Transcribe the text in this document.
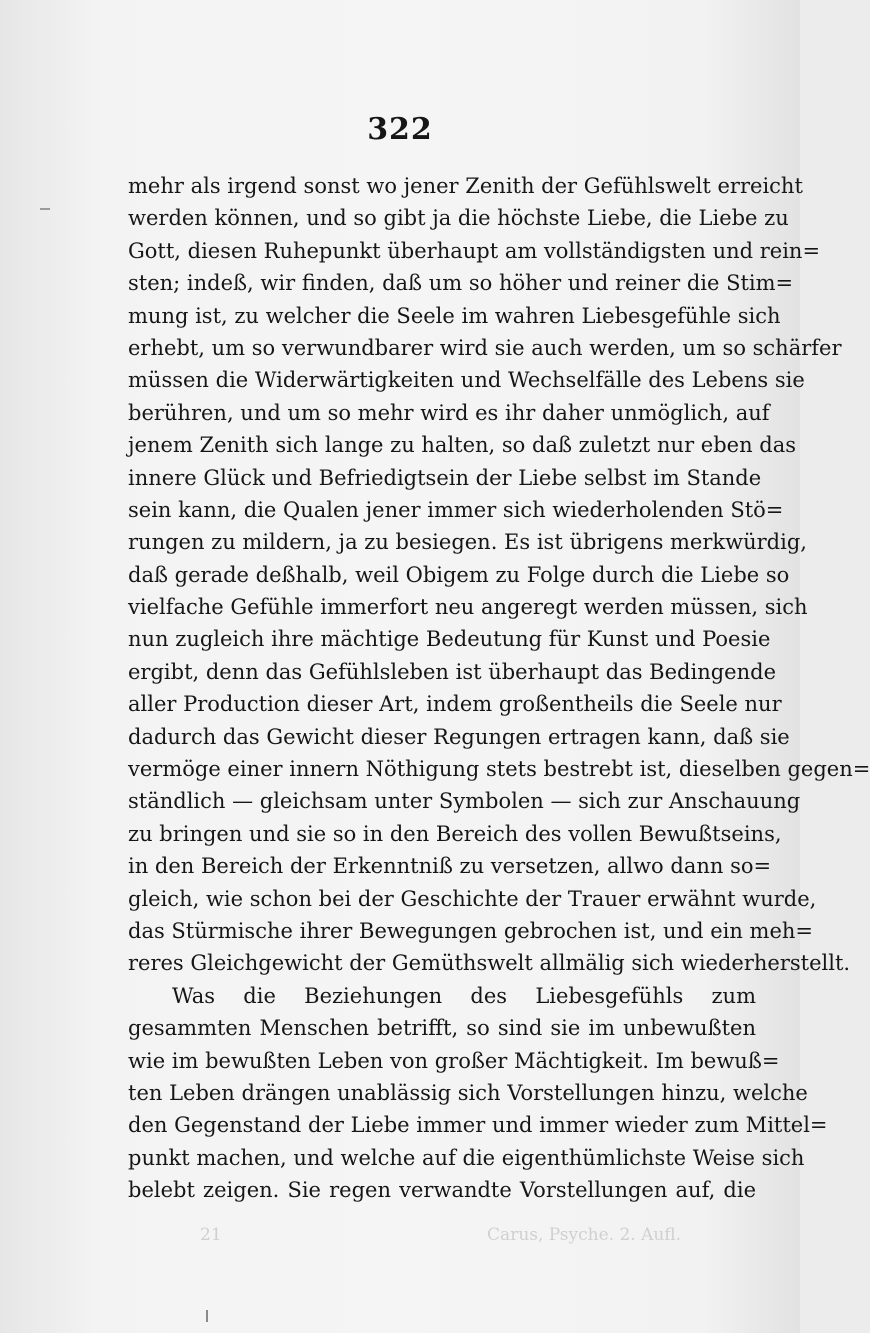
322
mehr als irgend sonst wo jener Zenith der Gefühlswelt erreicht
werden können, und so gibt ja die höchste Liebe, die Liebe zu
Gott, diesen Ruhepunkt überhaupt am vollständigsten und rein=
sten; indeß, wir finden, daß um so höher und reiner die Stim=
mung ist, zu welcher die Seele im wahren Liebesgefühle sich
erhebt, um so verwundbarer wird sie auch werden, um so schärfer
müssen die Widerwärtigkeiten und Wechselfälle des Lebens sie
berühren, und um so mehr wird es ihr daher unmöglich, auf
jenem Zenith sich lange zu halten, so daß zuletzt nur eben das
innere Glück und Befriedigtsein der Liebe selbst im Stande
sein kann, die Qualen jener immer sich wiederholenden Stö=
rungen zu mildern, ja zu besiegen. Es ist übrigens merkwürdig,
daß gerade deßhalb, weil Obigem zu Folge durch die Liebe so
vielfache Gefühle immerfort neu angeregt werden müssen, sich
nun zugleich ihre mächtige Bedeutung für Kunst und Poesie
ergibt, denn das Gefühlsleben ist überhaupt das Bedingende
aller Production dieser Art, indem großentheils die Seele nur
dadurch das Gewicht dieser Regungen ertragen kann, daß sie
vermöge einer innern Nöthigung stets bestrebt ist, dieselben gegen=
ständlich — gleichsam unter Symbolen — sich zur Anschauung
zu bringen und sie so in den Bereich des vollen Bewußtseins,
in den Bereich der Erkenntniß zu versetzen, allwo dann so=
gleich, wie schon bei der Geschichte der Trauer erwähnt wurde,
das Stürmische ihrer Bewegungen gebrochen ist, und ein meh=
reres Gleichgewicht der Gemüthswelt allmälig sich wiederherstellt.
Was die Beziehungen des Liebesgefühls zum
gesammten Menschen betrifft, so sind sie im unbewußten
wie im bewußten Leben von großer Mächtigkeit. Im bewuß=
ten Leben drängen unablässig sich Vorstellungen hinzu, welche
den Gegenstand der Liebe immer und immer wieder zum Mittel=
punkt machen, und welche auf die eigenthümlichste Weise sich
belebt zeigen. Sie regen verwandte Vorstellungen auf, die
21	Carus, Psyche. 2. Aufl.
